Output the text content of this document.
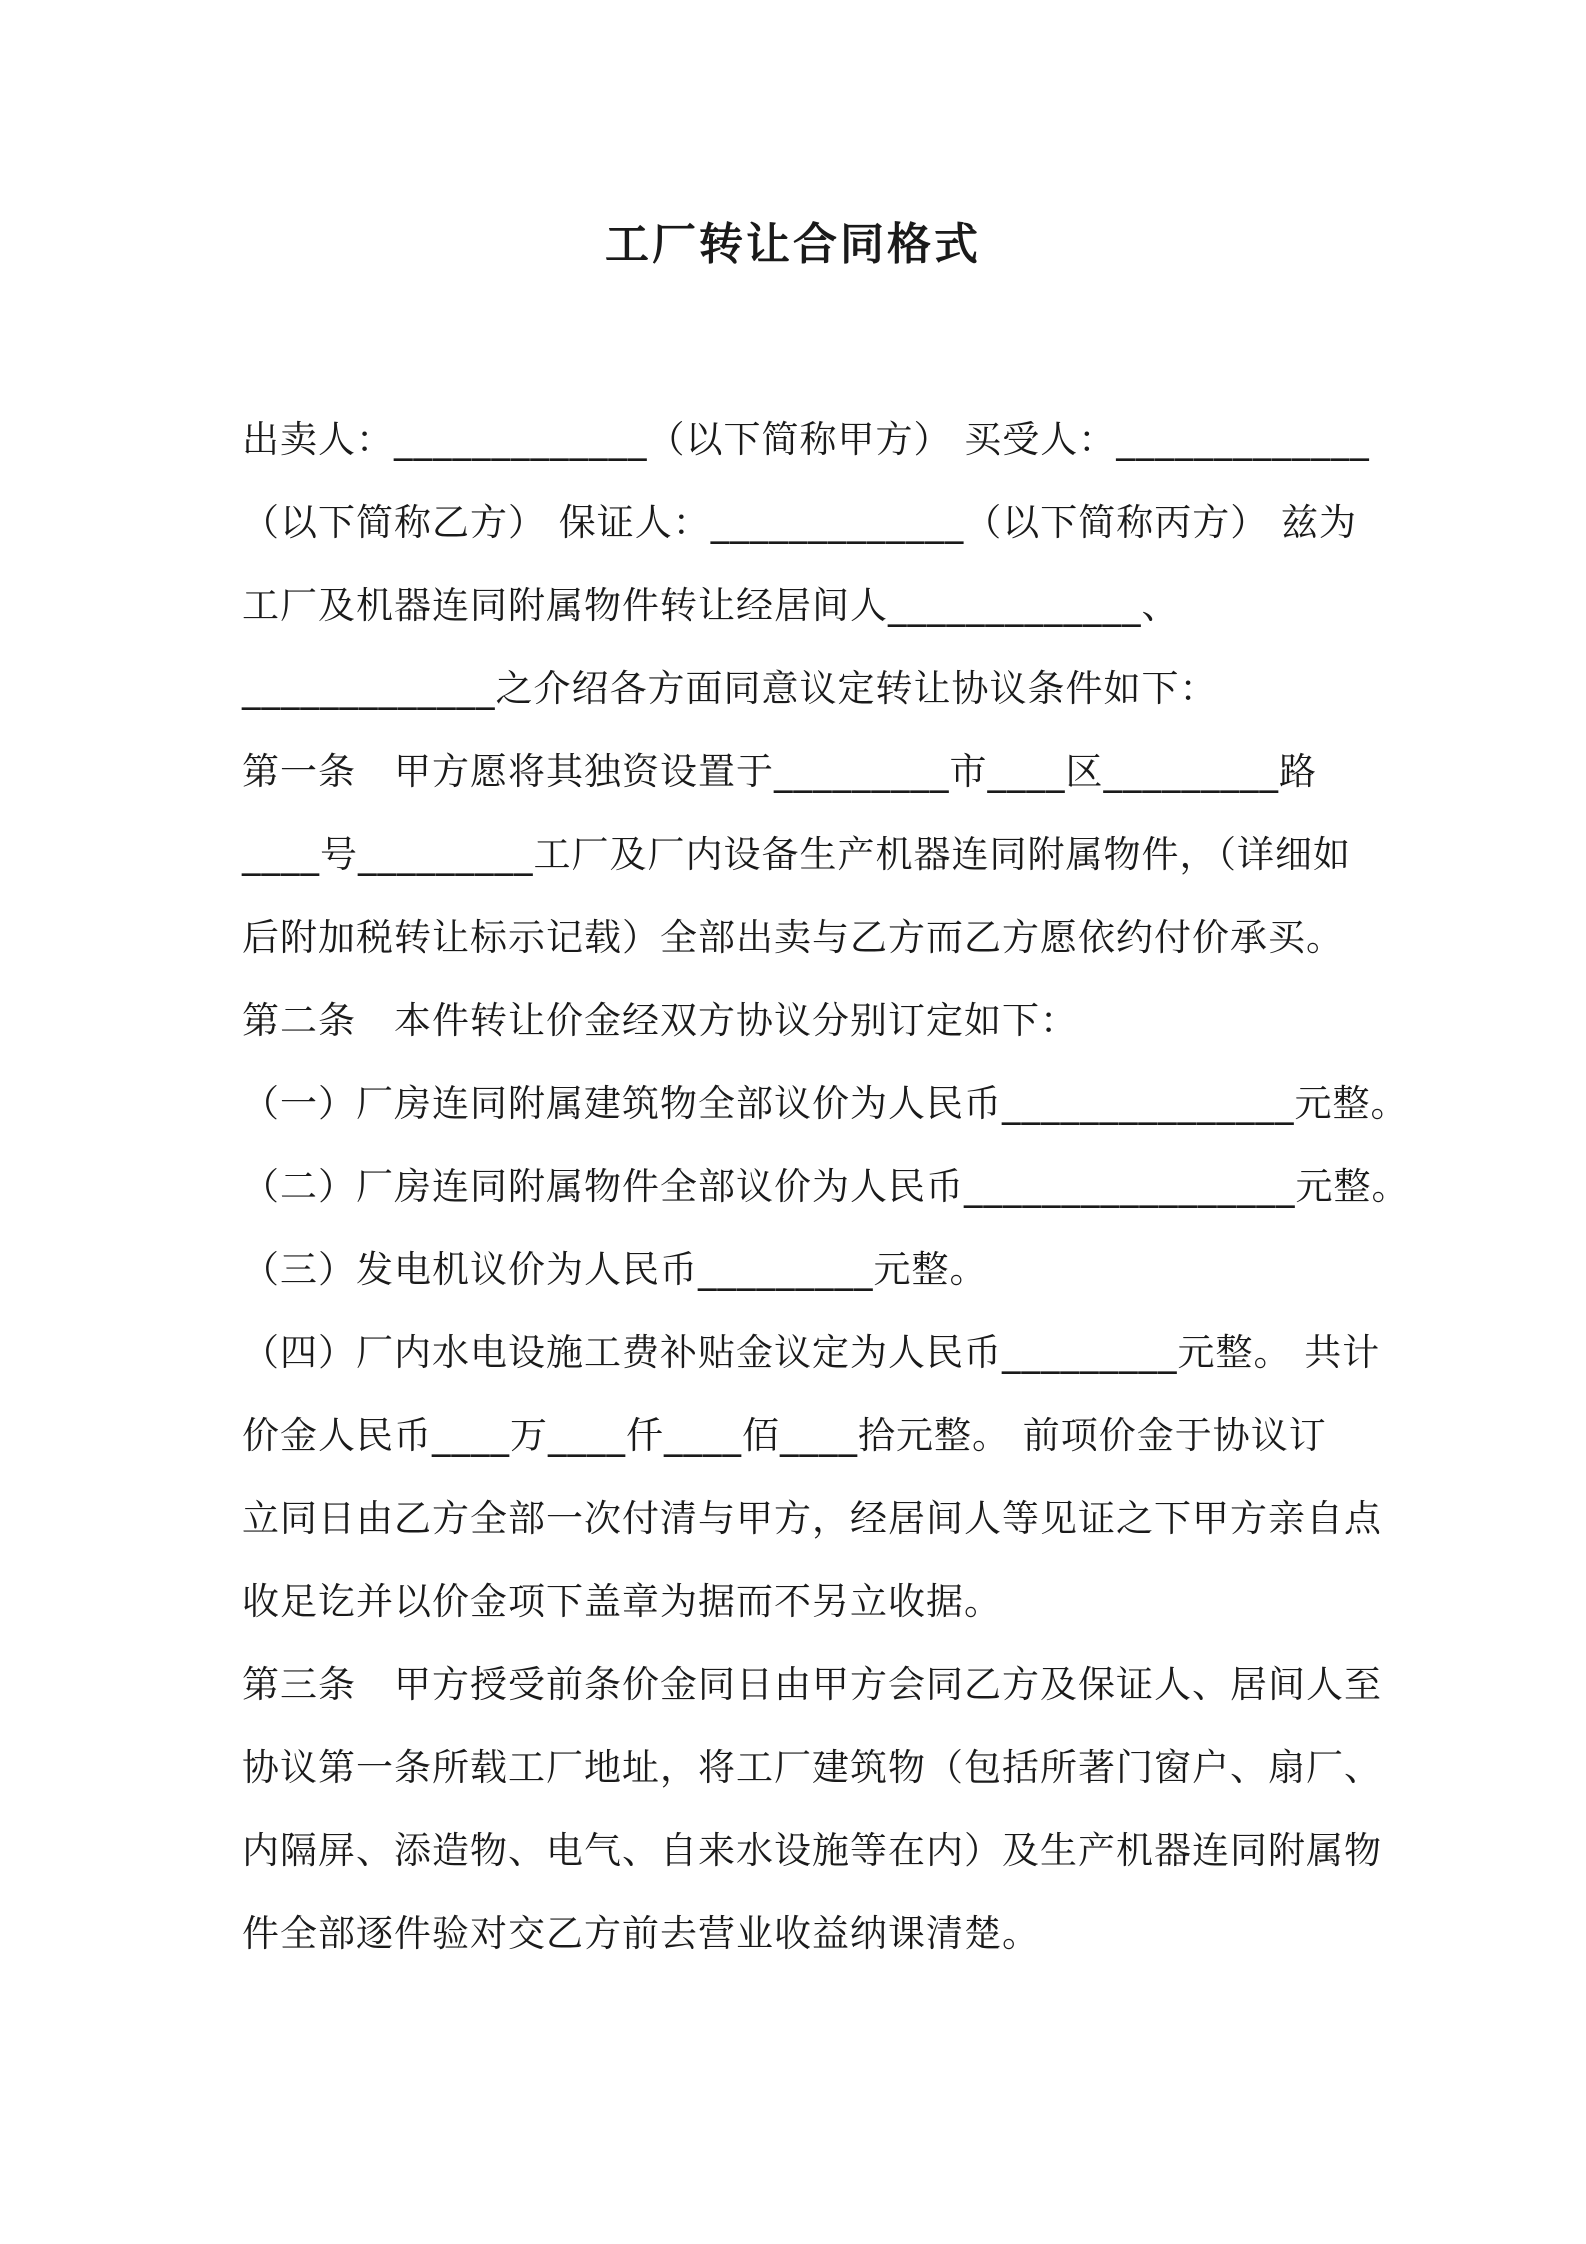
工厂转让合同格式
出卖人：_____________（以下简称甲方） 买受人：_____________
（以下简称乙方） 保证人：_____________（以下简称丙方） 兹为
工厂及机器连同附属物件转让经居间人_____________、
_____________之介绍各方面同意议定转让协议条件如下：
第一条　甲方愿将其独资设置于_________市____区_________路
____号_________工厂及厂内设备生产机器连同附属物件，（详细如
后附加税转让标示记载）全部出卖与乙方而乙方愿依约付价承买。
第二条　本件转让价金经双方协议分别订定如下：
（一）厂房连同附属建筑物全部议价为人民币_______________元整。
（二）厂房连同附属物件全部议价为人民币_________________元整。
（三）发电机议价为人民币_________元整。
（四）厂内水电设施工费补贴金议定为人民币_________元整。 共计
价金人民币____万____仟____佰____拾元整。 前项价金于协议订
立同日由乙方全部一次付清与甲方，经居间人等见证之下甲方亲自点
收足讫并以价金项下盖章为据而不另立收据。
第三条　甲方授受前条价金同日由甲方会同乙方及保证人、居间人至
协议第一条所载工厂地址，将工厂建筑物（包括所著门窗户、扇厂、
内隔屏、添造物、电气、自来水设施等在内）及生产机器连同附属物
件全部逐件验对交乙方前去营业收益纳课清楚。
